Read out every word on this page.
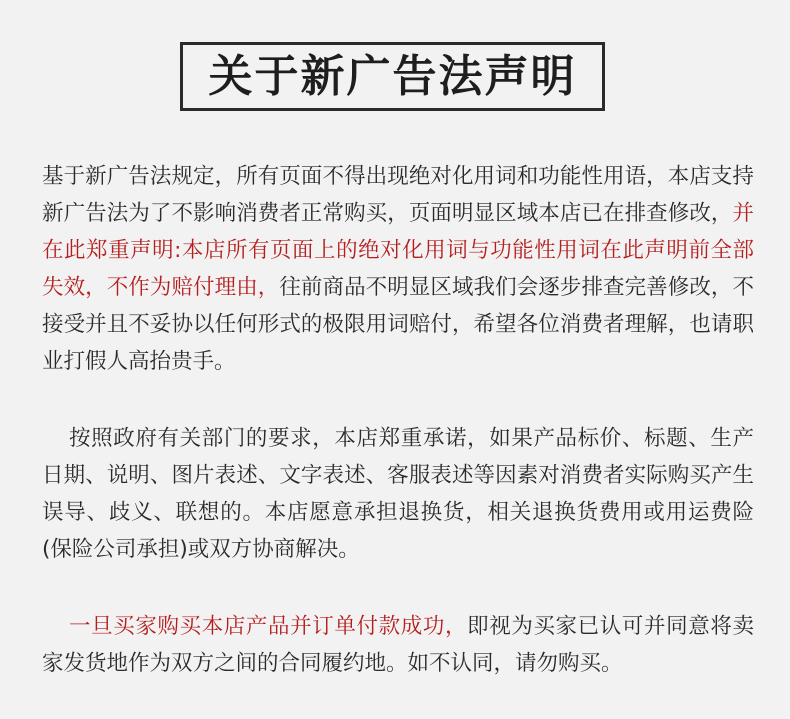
关于新广告法声明

基于新广告法规定，所有页面不得出现绝对化用词和功能性用语，本店支持新广告法为了不影响消费者正常购买，页面明显区域本店已在排查修改，并在此郑重声明:本店所有页面上的绝对化用词与功能性用词在此声明前全部失效，不作为赔付理由，往前商品不明显区域我们会逐步排查完善修改，不接受并且不妥协以任何形式的极限用词赔付，希望各位消费者理解，也请职业打假人高抬贵手。

按照政府有关部门的要求，本店郑重承诺，如果产品标价、标题、生产日期、说明、图片表述、文字表述、客服表述等因素对消费者实际购买产生误导、歧义、联想的。本店愿意承担退换货，相关退换货费用或用运费险(保险公司承担)或双方协商解决。

一旦买家购买本店产品并订单付款成功，即视为买家已认可并同意将卖家发货地作为双方之间的合同履约地。如不认同，请勿购买。
